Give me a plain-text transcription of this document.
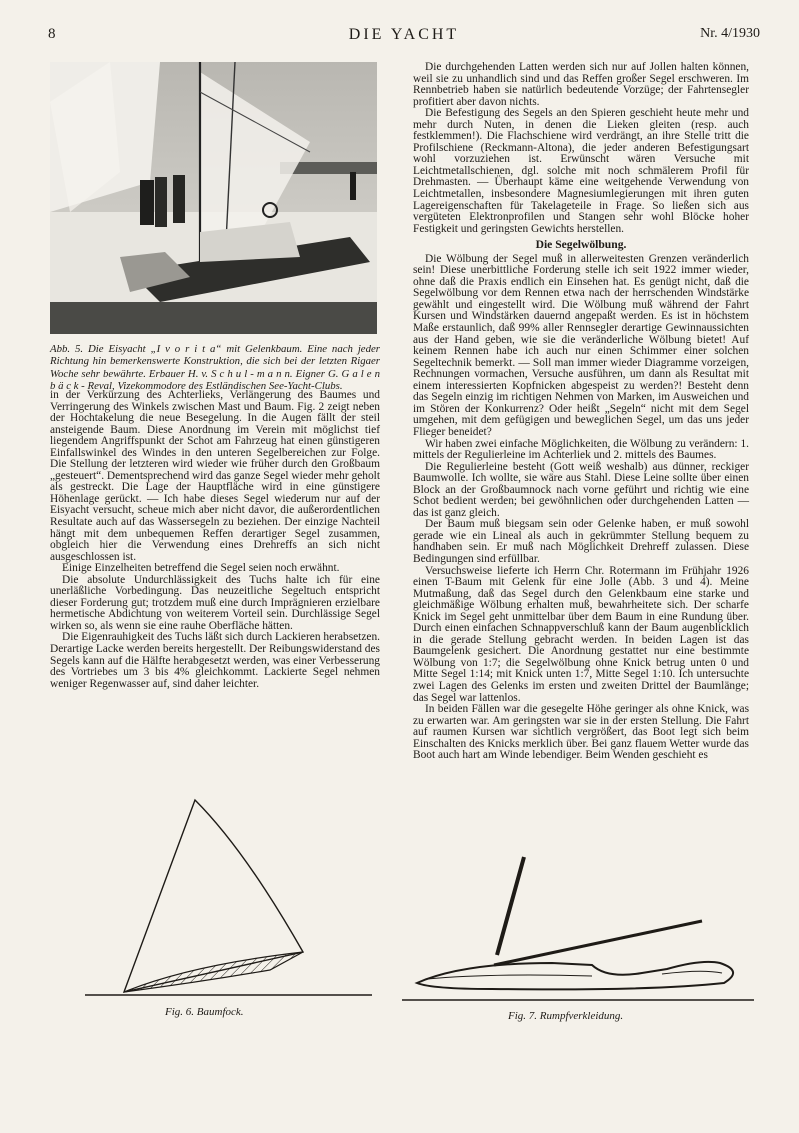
8	DIE YACHT	Nr. 4/1930
Abb. 5. Die Eisyacht „I v o r i t a“ mit Gelenkbaum. Eine nach jeder Richtung hin bemerkenswerte Konstruktion, die sich bei der letzten Rigaer Woche sehr bewährte. Erbauer H. v. S c h u l - m a n n. Eigner G. G a l e n b ä c k - Reval, Vizekommodore des Estländischen See-Yacht-Clubs.

in der Verkürzung des Achterlieks, Verlängerung des Baumes und Verringerung des Winkels zwischen Mast und Baum. Fig. 2 zeigt neben der Hochtakelung die neue Besegelung. In die Augen fällt der steil ansteigende Baum. Diese Anordnung im Verein mit möglichst tief liegendem Angriffspunkt der Schot am Fahrzeug hat einen günstigeren Einfallswinkel des Windes in den unteren Segelbereichen zur Folge. Die Stellung der letzteren wird wieder wie früher durch den Großbaum „gesteuert“. Dementsprechend wird das ganze Segel wieder mehr geholt als gestreckt. Die Lage der Hauptfläche wird in eine günstigere Höhenlage gerückt. — Ich habe dieses Segel wiederum nur auf der Eisyacht versucht, scheue mich aber nicht davor, die außerordentlichen Resultate auch auf das Wassersegeln zu beziehen. Der einzige Nachteil hängt mit dem unbequemen Reffen derartiger Segel zusammen, obgleich hier die Verwendung eines Drehreffs an sich nicht ausgeschlossen ist.

Einige Einzelheiten betreffend die Segel seien noch erwähnt.

Die absolute Undurchlässigkeit des Tuchs halte ich für eine unerläßliche Vorbedingung. Das neuzeitliche Segeltuch entspricht dieser Forderung gut; trotzdem muß eine durch Imprägnieren erzielbare hermetische Abdichtung von weiterem Vorteil sein. Durchlässige Segel wirken so, als wenn sie eine rauhe Oberfläche hätten.

Die Eigenrauhigkeit des Tuchs läßt sich durch Lackieren herabsetzen. Derartige Lacke werden bereits hergestellt. Der Reibungswiderstand des Segels kann auf die Hälfte herabgesetzt werden, was einer Verbesserung des Vortriebes um 3 bis 4% gleichkommt. Lackierte Segel nehmen weniger Regenwasser auf, sind daher leichter.

Die durchgehenden Latten werden sich nur auf Jollen halten können, weil sie zu unhandlich sind und das Reffen großer Segel erschweren. Im Rennbetrieb haben sie natürlich bedeutende Vorzüge; der Fahrtensegler profitiert aber davon nichts.

Die Befestigung des Segels an den Spieren geschieht heute mehr und mehr durch Nuten, in denen die Lieken gleiten (resp. auch festklemmen!). Die Flachschiene wird verdrängt, an ihre Stelle tritt die Profilschiene (Reckmann-Altona), die jeder anderen Befestigungsart wohl vorzuziehen ist. Erwünscht wären Versuche mit Leichtmetallschienen, dgl. solche mit noch schmälerem Profil für Drehmasten. — Überhaupt käme eine weitgehende Verwendung von Leichtmetallen, insbesondere Magnesiumlegierungen mit ihren guten Lagereigenschaften für Takelageteile in Frage. So ließen sich aus vergüteten Elektronprofilen und Stangen sehr wohl Blöcke hoher Festigkeit und geringsten Gewichts herstellen.

Die Segelwölbung.

Die Wölbung der Segel muß in allerweitesten Grenzen veränderlich sein! Diese unerbittliche Forderung stelle ich seit 1922 immer wieder, ohne daß die Praxis endlich ein Einsehen hat. Es genügt nicht, daß die Segelwölbung vor dem Rennen etwa nach der herrschenden Windstärke gewählt und eingestellt wird. Die Wölbung muß während der Fahrt Kursen und Windstärken dauernd angepaßt werden. Es ist in höchstem Maße erstaunlich, daß 99% aller Rennsegler derartige Gewinnaussichten aus der Hand geben, wie sie die veränderliche Wölbung bietet! Auf keinem Rennen habe ich auch nur einen Schimmer einer solchen Segeltechnik bemerkt. — Soll man immer wieder Diagramme vorzeigen, Rechnungen vormachen, Versuche ausführen, um dann als Resultat mit einem interessierten Kopfnicken abgespeist zu werden?! Besteht denn das Segeln einzig im richtigen Nehmen von Marken, im Ausweichen und im Stören der Konkurrenz? Oder heißt „Segeln“ nicht mit dem Segel umgehen, mit dem gefügigen und beweglichen Segel, um das uns jeder Flieger beneidet?

Wir haben zwei einfache Möglichkeiten, die Wölbung zu verändern: 1. mittels der Regulierleine im Achterliek und 2. mittels des Baumes.

Die Regulierleine besteht (Gott weiß weshalb) aus dünner, reckiger Baumwolle. Ich wollte, sie wäre aus Stahl. Diese Leine sollte über einen Block an der Großbaumnock nach vorne geführt und richtig wie eine Schot bedient werden; bei gewöhnlichen oder durchgehenden Latten — das ist ganz gleich.

Der Baum muß biegsam sein oder Gelenke haben, er muß sowohl gerade wie ein Lineal als auch in gekrümmter Stellung bequem zu handhaben sein. Er muß nach Möglichkeit Drehreff zulassen. Diese Bedingungen sind erfüllbar.

Versuchsweise lieferte ich Herrn Chr. Rotermann im Frühjahr 1926 einen T-Baum mit Gelenk für eine Jolle (Abb. 3 und 4). Meine Mutmaßung, daß das Segel durch den Gelenkbaum eine starke und gleichmäßige Wölbung erhalten muß, bewahrheitete sich. Der scharfe Knick im Segel geht unmittelbar über dem Baum in eine Rundung über. Durch einen einfachen Schnappverschluß kann der Baum augenblicklich in die gerade Stellung gebracht werden. In beiden Lagen ist das Baumgelenk gesichert. Die Anordnung gestattet nur eine bestimmte Wölbung von 1:7; die Segelwölbung ohne Knick betrug unten 0 und Mitte Segel 1:14; mit Knick unten 1:7, Mitte Segel 1:10. Ich untersuchte zwei Lagen des Gelenks im ersten und zweiten Drittel der Baumlänge; das Segel war lattenlos.

In beiden Fällen war die gesegelte Höhe geringer als ohne Knick, was zu erwarten war. Am geringsten war sie in der ersten Stellung. Die Fahrt auf raumen Kursen war sichtlich vergrößert, das Boot legt sich beim Einschalten des Knicks merklich über. Bei ganz flauem Wetter wurde das Boot auch hart am Winde lebendiger. Beim Wenden geschieht es

Fig. 6. Baumfock.	Fig. 7. Rumpfverkleidung.
